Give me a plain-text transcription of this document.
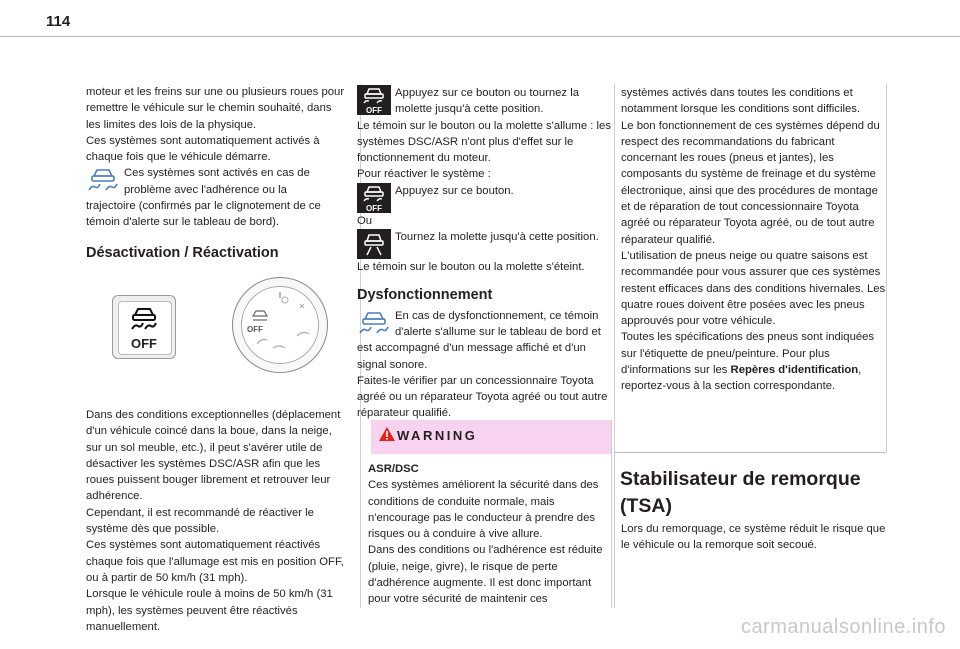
114

moteur et les freins sur une ou plusieurs roues pour remettre le véhicule sur le chemin souhaité, dans les limites des lois de la physique.

Ces systèmes sont automatiquement activés à chaque fois que le véhicule démarre.

Ces systèmes sont activés en cas de problème avec l'adhérence ou la

trajectoire (confirmés par le clignotement de ce témoin d'alerte sur le tableau de bord).

Désactivation / Réactivation

OFF
OFF

Dans des conditions exceptionnelles (déplacement d'un véhicule coincé dans la boue, dans la neige, sur un sol meuble, etc.), il peut s'avérer utile de désactiver les systèmes DSC/ASR afin que les roues puissent bouger librement et retrouver leur adhérence.

Cependant, il est recommandé de réactiver le système dès que possible.

Ces systèmes sont automatiquement réactivés chaque fois que l'allumage est mis en position OFF, ou à partir de 50 km/h (31 mph).

Lorsque le véhicule roule à moins de 50 km/h (31 mph), les systèmes peuvent être réactivés manuellement.

OFF

Appuyez sur ce bouton ou tournez la molette jusqu'à cette position.

Le témoin sur le bouton ou la molette s'allume : les systèmes DSC/ASR n'ont plus d'effet sur le fonctionnement du moteur.

Pour réactiver le système :

OFF

Appuyez sur ce bouton.

Ou

Tournez la molette jusqu'à cette position.

Le témoin sur le bouton ou la molette s'éteint.

Dysfonctionnement

En cas de dysfonctionnement, ce témoin d'alerte s'allume sur le tableau de bord et est accompagné d'un message affiché et d'un signal sonore.

Faites-le vérifier par un concessionnaire Toyota agréé ou un réparateur Toyota agréé ou tout autre réparateur qualifié.

WARNING

ASR/DSC

Ces systèmes améliorent la sécurité dans des conditions de conduite normale, mais n'encourage pas le conducteur à prendre des risques ou à conduire à vive allure.

Dans des conditions ou l'adhérence est réduite (pluie, neige, givre), le risque de perte d'adhérence augmente. Il est donc important pour votre sécurité de maintenir ces

systèmes activés dans toutes les conditions et notamment lorsque les conditions sont difficiles.

Le bon fonctionnement de ces systèmes dépend du respect des recommandations du fabricant concernant les roues (pneus et jantes), les composants du système de freinage et du système électronique, ainsi que des procédures de montage et de réparation de tout concessionnaire Toyota agréé ou réparateur Toyota agréé, ou de tout autre réparateur qualifié.

L'utilisation de pneus neige ou quatre saisons est recommandée pour vous assurer que ces systèmes restent efficaces dans des conditions hivernales. Les quatre roues doivent être posées avec les pneus approuvés pour votre véhicule.

Toutes les spécifications des pneus sont indiquées sur l'étiquette de pneu/peinture. Pour plus d'informations sur les Repères d'identification, reportez-vous à la section correspondante.

Stabilisateur de remorque (TSA)

Lors du remorquage, ce système réduit le risque que le véhicule ou la remorque soit secoué.

carmanualsonline.info
